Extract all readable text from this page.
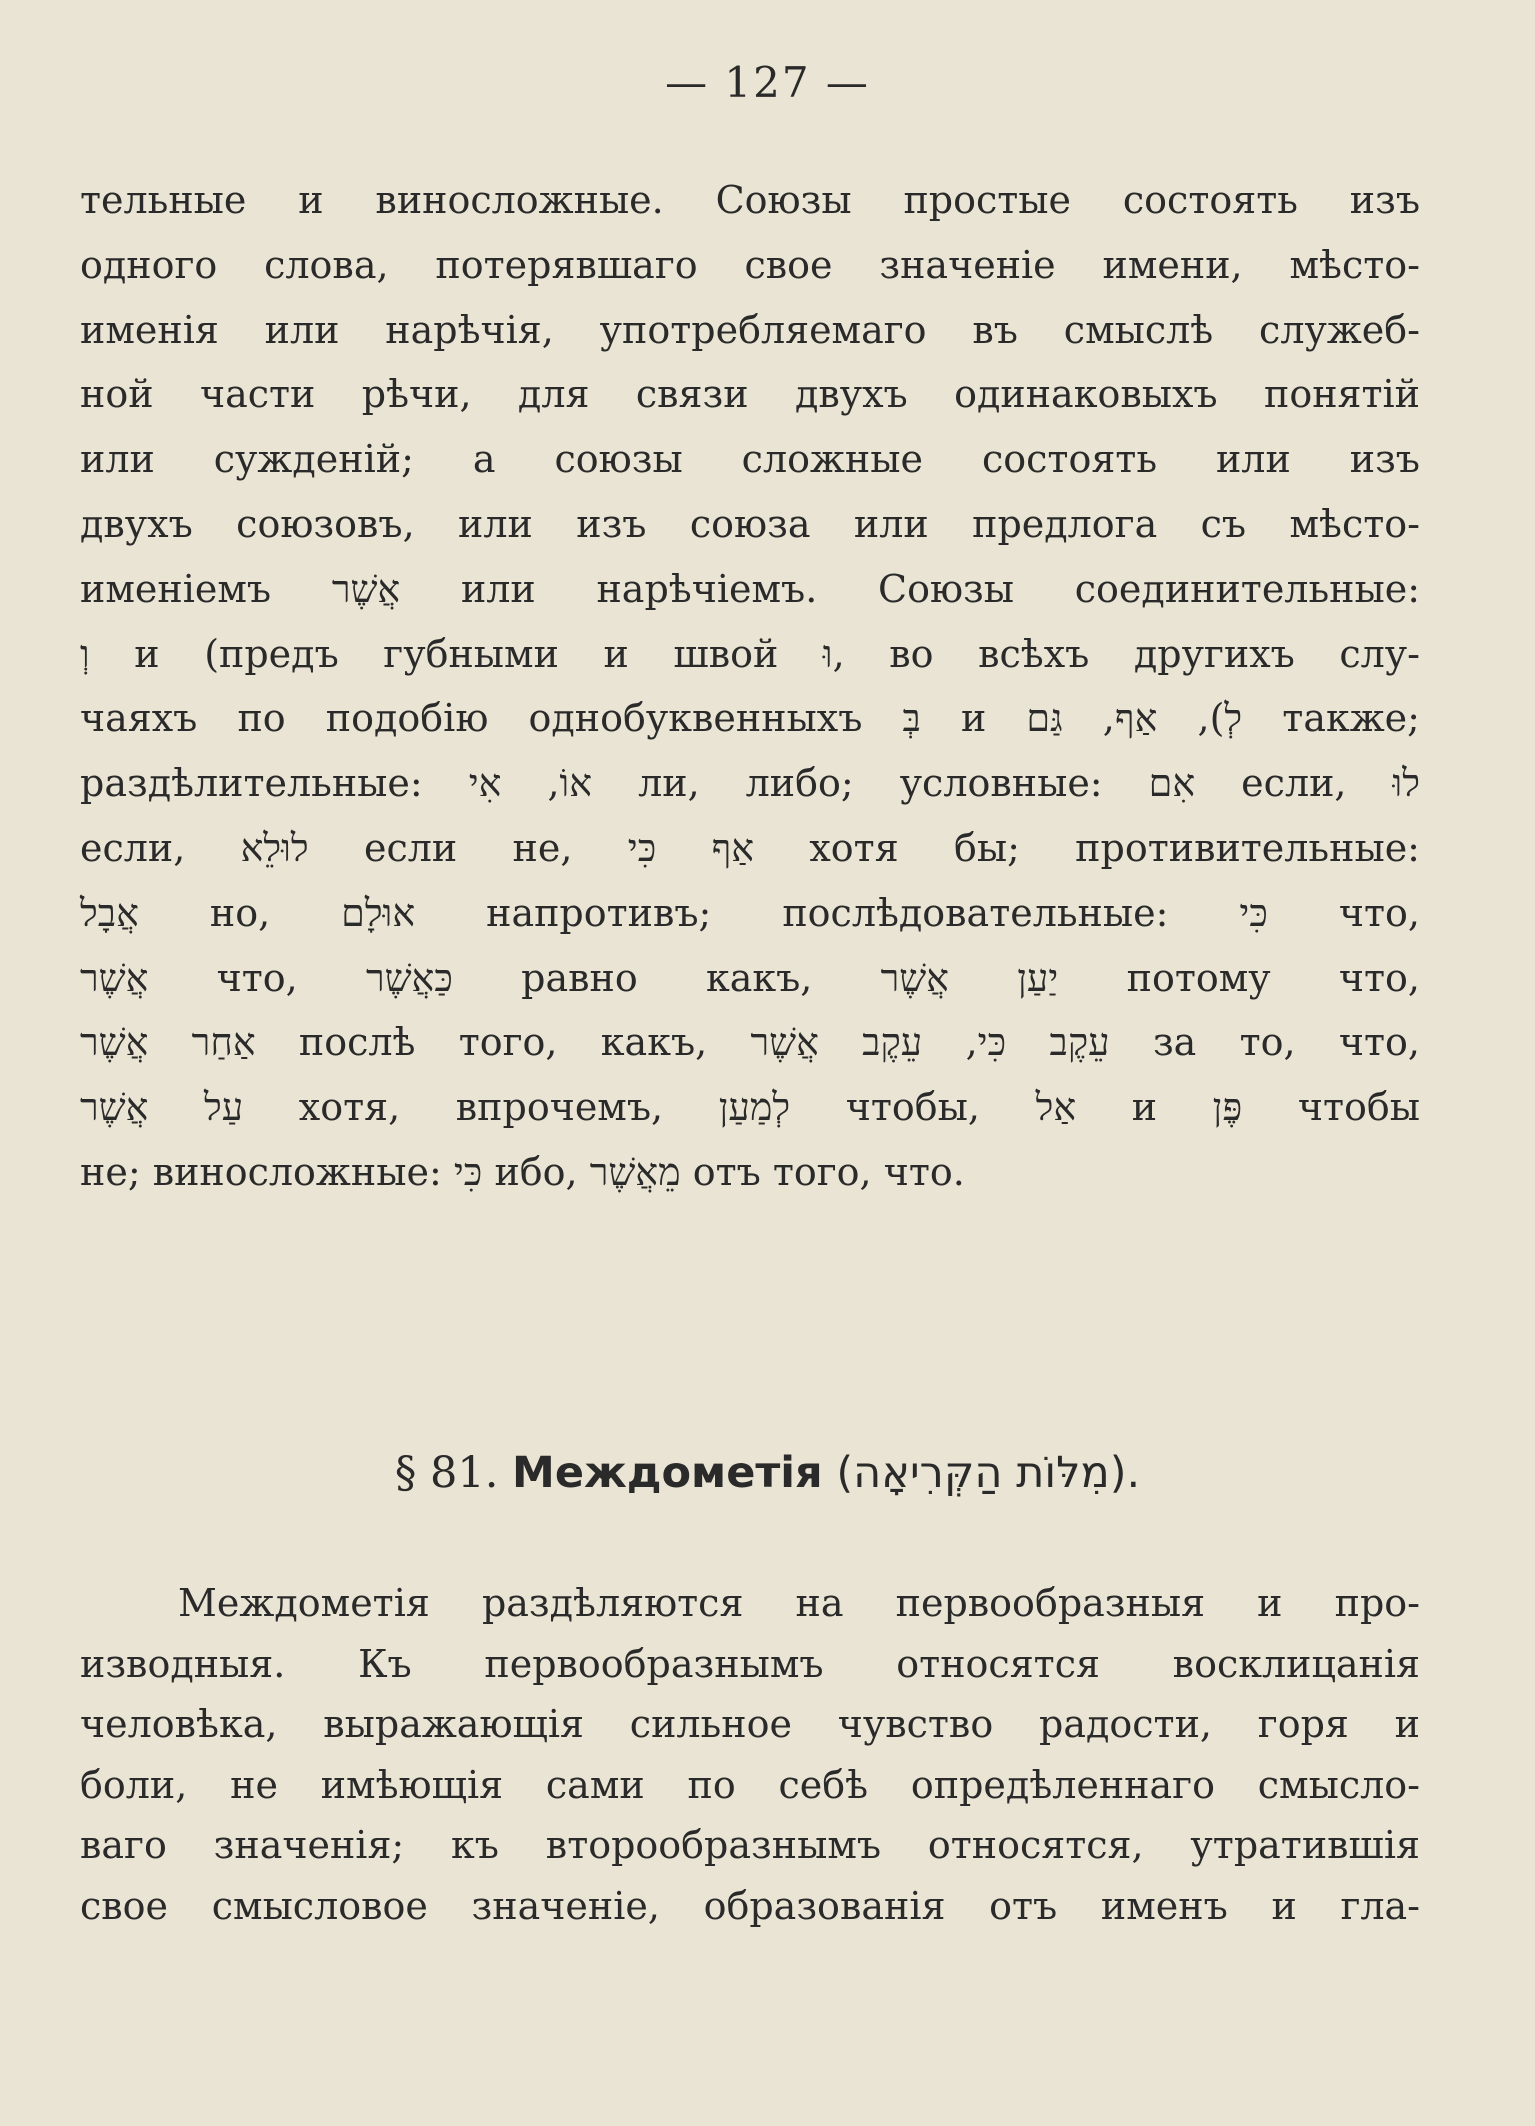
— 127 —
тельные и виносложные. Союзы простые состоять изъ
одного слова, потерявшаго свое значеніе имени, мѣсто-
именія или нарѣчія, употребляемаго въ смыслѣ служеб-
ной части рѣчи, для связи двухъ одинаковыхъ понятій
или сужденій; а союзы сложные состоять или изъ
двухъ союзовъ, или изъ союза или предлога съ мѣсто-
именіемъ אֲשֶׁר или нарѣчіемъ. Союзы соединительные:
וְ и (предъ губными и швой וּ, во всѣхъ другихъ слу-
чаяхъ по подобію однобуквенныхъ בְּ и לְ), אַף, גַּם также;
раздѣлительные: אוֹ, אִי ли, либо; условные: אִם если, לוּ
если, לוּלֵא если не, אַף כִּי хотя бы; противительные:
אֲבָל но, אוּלָם напротивъ; послѣдовательные: כִּי что,
אֲשֶׁר что, כַּאֲשֶׁר равно какъ, יַעַן אֲשֶׁר потому что,
אַחַר אֲשֶׁר послѣ того, какъ, עֵקֶב כִּי, עֵקֶב אֲשֶׁר за то, что,
עַל אֲשֶׁר хотя, впрочемъ, לְמַעַן чтобы, אַל и פֶּן чтобы
не; виносложные: כִּי ибо, מֵאֲשֶׁר отъ того, что.
§ 81. Междометія (מִלּוֹת הַקְּרִיאָה).
Междометія раздѣляются на первообразныя и про-
изводныя. Къ первообразнымъ относятся восклицанія
человѣка, выражающія сильное чувство радости, горя и
боли, не имѣющія сами по себѣ опредѣленнаго смысло-
ваго значенія; къ второобразнымъ относятся, утратившія
свое смысловое значеніе, образованія отъ именъ и гла-
